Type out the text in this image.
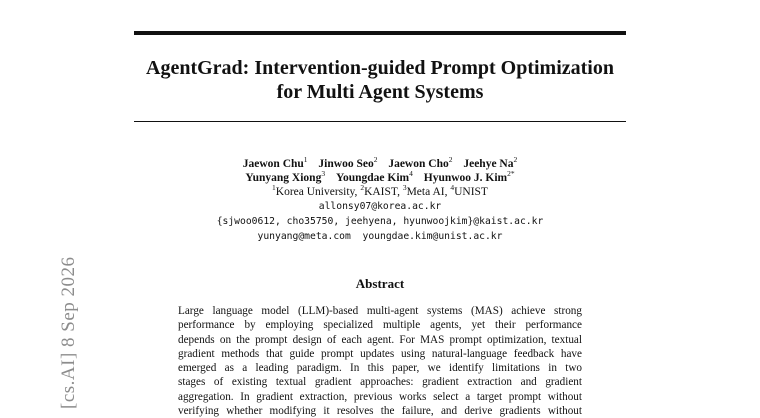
AgentGrad: Intervention-guided Prompt Optimization
for Multi Agent Systems
Jaewon Chu$^1$ Jinwoo Seo$^2$ Jaewon Cho$^2$ Jeehye Na$^2$
Yunyang Xiong$^3$ Youngdae Kim$^4$ Hyunwoo J. Kim$^{2*}$
$^1$Korea University, $^2$KAIST, $^3$Meta AI, $^4$UNIST
allonsy07@korea.ac.kr
{sjwoo0612, cho35750, jeehyena, hyunwoojkim}@kaist.ac.kr
yunyang@meta.com  youngdae.kim@unist.ac.kr
Abstract
Large language model (LLM)-based multi-agent systems (MAS) achieve strong
performance by employing specialized multiple agents, yet their performance
depends on the prompt design of each agent. For MAS prompt optimization, textual
gradient methods that guide prompt updates using natural-language feedback have
emerged as a leading paradigm. In this paper, we identify limitations in two
stages of existing textual gradient approaches: gradient extraction and gradient
aggregation. In gradient extraction, previous works select a target prompt without
verifying whether modifying it resolves the failure, and derive gradients without
[cs.AI] 8 Sep 2026
